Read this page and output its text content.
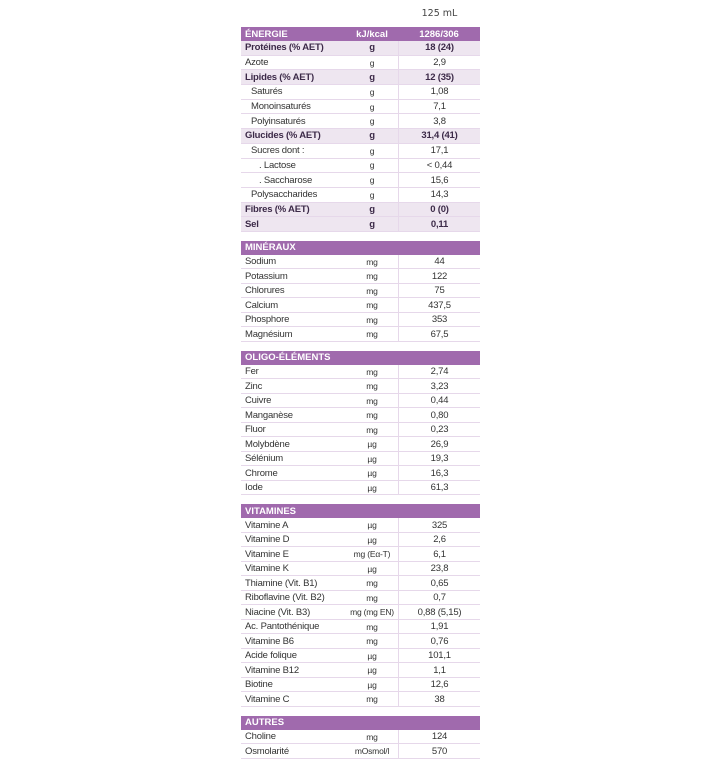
125 mL
ÉNERGIE	kJ/kcal	1286/306
Protéines (% AET)	g	18 (24)
Azote	g	2,9
Lipides (% AET)	g	12 (35)
Saturés	g	1,08
Monoinsaturés	g	7,1
Polyinsaturés	g	3,8
Glucides (% AET)	g	31,4 (41)
Sucres dont :	g	17,1
. Lactose	g	< 0,44
. Saccharose	g	15,6
Polysaccharides	g	14,3
Fibres (% AET)	g	0 (0)
Sel	g	0,11
MINÉRAUX
Sodium	mg	44
Potassium	mg	122
Chlorures	mg	75
Calcium	mg	437,5
Phosphore	mg	353
Magnésium	mg	67,5
OLIGO-ÉLÉMENTS
Fer	mg	2,74
Zinc	mg	3,23
Cuivre	mg	0,44
Manganèse	mg	0,80
Fluor	mg	0,23
Molybdène	µg	26,9
Sélénium	µg	19,3
Chrome	µg	16,3
Iode	µg	61,3
VITAMINES
Vitamine A	µg	325
Vitamine D	µg	2,6
Vitamine E	mg (Eα-T)	6,1
Vitamine K	µg	23,8
Thiamine (Vit. B1)	mg	0,65
Riboflavine (Vit. B2)	mg	0,7
Niacine (Vit. B3)	mg (mg EN)	0,88 (5,15)
Ac. Pantothénique	mg	1,91
Vitamine B6	mg	0,76
Acide folique	µg	101,1
Vitamine B12	µg	1,1
Biotine	µg	12,6
Vitamine C	mg	38
AUTRES
Choline	mg	124
Osmolarité	mOsmol/l	570
